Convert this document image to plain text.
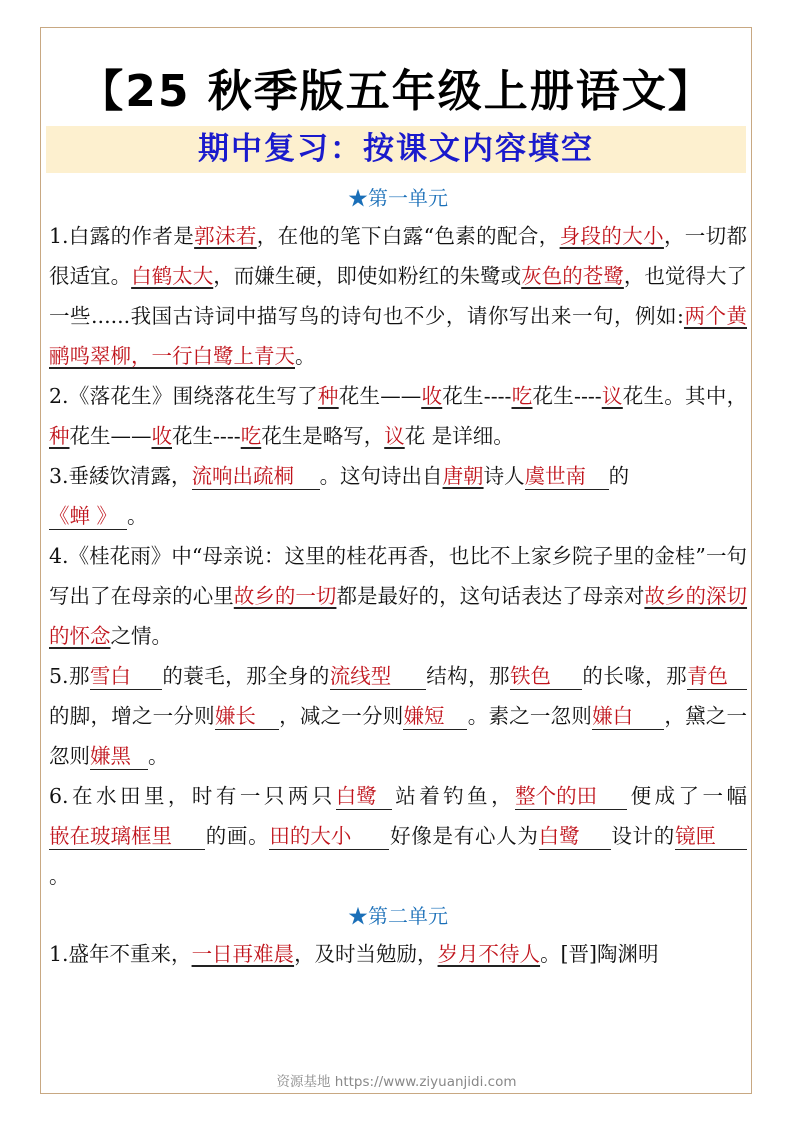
【25 秋季版五年级上册语文】
期中复习：按课文内容填空
★第一单元
1.白露的作者是郭沫若，在他的笔下白露“色素的配合，身段的大小，一切都很适宜。白鹤太大，而嫌生硬，即使如粉红的朱鹭或灰色的苍鹭，也觉得大了一些......我国古诗词中描写鸟的诗句也不少，请你写出来一句，例如:两个黄鹂鸣翠柳，一行白鹭上青天。
2.《落花生》围绕落花生写了种花生——收花生----吃花生----议花生。其中， 种花生——收花生----吃花生是略写，议花 是详细。
3.垂緌饮清露，流响出疏桐 。这句诗出自唐朝诗人虞世南 的
《蝉 》 。
4.《桂花雨》中“母亲说：这里的桂花再香，也比不上家乡院子里的金桂”一句写出了在母亲的心里故乡的一切都是最好的，这句话表达了母亲对故乡的深切的怀念之情。
5.那雪白 的蓑毛，那全身的流线型 结构，那铁色 的长喙，那青色的脚，增之一分则嫌长 ，减之一分则嫌短 。素之一忽则嫌白 ，黛之一忽则嫌黑 。
6.在水田里，时有一只两只白鹭 站着钓鱼，整个的田 便成了一幅嵌在玻璃框里 的画。田的大小 好像是有心人为白鹭 设计的镜匣。
★第二单元
1.盛年不重来，一日再难晨，及时当勉励，岁月不待人。[晋]陶渊明
资源基地 https://www.ziyuanjidi.com
